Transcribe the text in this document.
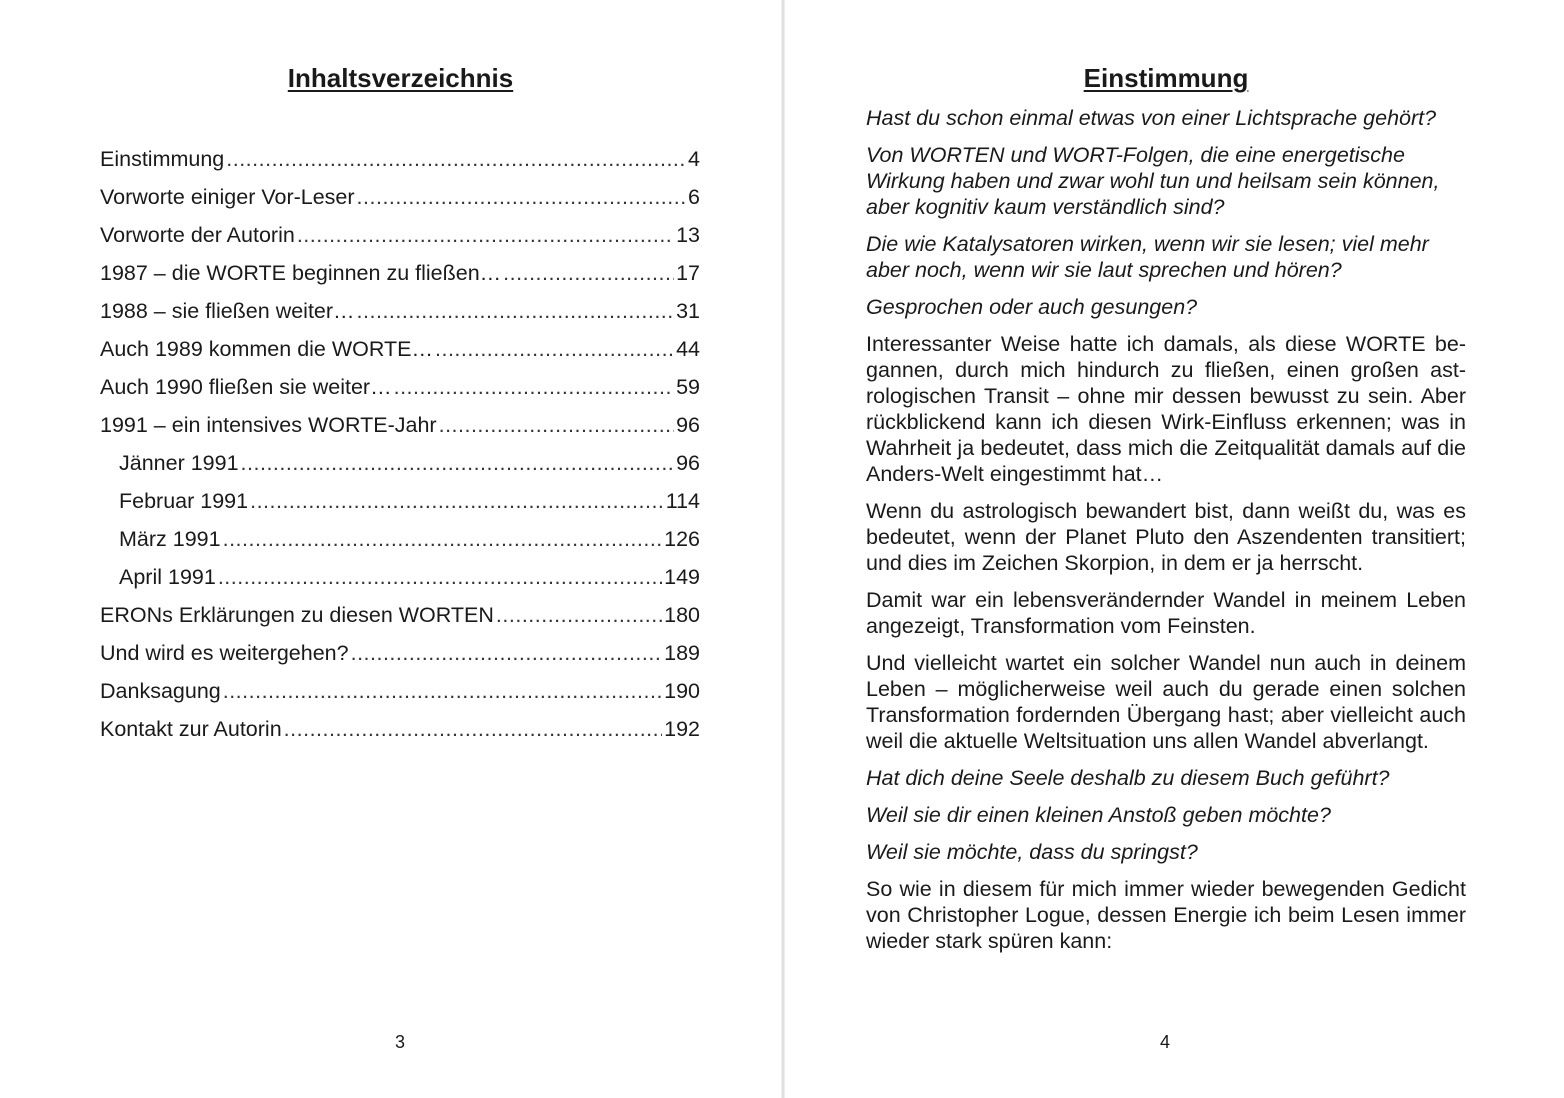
Inhaltsverzeichnis
Einstimmung .....	4
Vorworte einiger Vor-Leser .....	6
Vorworte der Autorin .....	13
1987 – die WORTE beginnen zu fließen… .....	17
1988 – sie fließen weiter… .....	31
Auch 1989 kommen die WORTE… .....	44
Auch 1990 fließen sie weiter… .....	59
1991 – ein intensives WORTE-Jahr .....	96
Jänner 1991 .....	96
Februar 1991 .....	114
März 1991 .....	126
April 1991 .....	149
ERONs Erklärungen zu diesen WORTEN .....	180
Und wird es weitergehen? .....	189
Danksagung .....	190
Kontakt zur Autorin .....	192
3
Einstimmung

Hast du schon einmal etwas von einer Lichtsprache gehört?

Von WORTEN und WORT-Folgen, die eine energetische Wirkung haben und zwar wohl tun und heilsam sein können, aber kognitiv kaum verständlich sind?

Die wie Katalysatoren wirken, wenn wir sie lesen; viel mehr aber noch, wenn wir sie laut sprechen und hören?

Gesprochen oder auch gesungen?

Interessanter Weise hatte ich damals, als diese WORTE begannen, durch mich hindurch zu fließen, einen großen astrologischen Transit – ohne mir dessen bewusst zu sein. Aber rückblickend kann ich diesen Wirk-Einfluss erkennen; was in Wahrheit ja bedeutet, dass mich die Zeitqualität damals auf die Anders-Welt eingestimmt hat…

Wenn du astrologisch bewandert bist, dann weißt du, was es bedeutet, wenn der Planet Pluto den Aszendenten transitiert; und dies im Zeichen Skorpion, in dem er ja herrscht.

Damit war ein lebensverändernder Wandel in meinem Leben angezeigt, Transformation vom Feinsten.

Und vielleicht wartet ein solcher Wandel nun auch in deinem Leben – möglicherweise weil auch du gerade einen solchen Transformation fordernden Übergang hast; aber vielleicht auch weil die aktuelle Weltsituation uns allen Wandel abverlangt.

Hat dich deine Seele deshalb zu diesem Buch geführt?

Weil sie dir einen kleinen Anstoß geben möchte?

Weil sie möchte, dass du springst?

So wie in diesem für mich immer wieder bewegenden Gedicht von Christopher Logue, dessen Energie ich beim Lesen immer wieder stark spüren kann:

4
